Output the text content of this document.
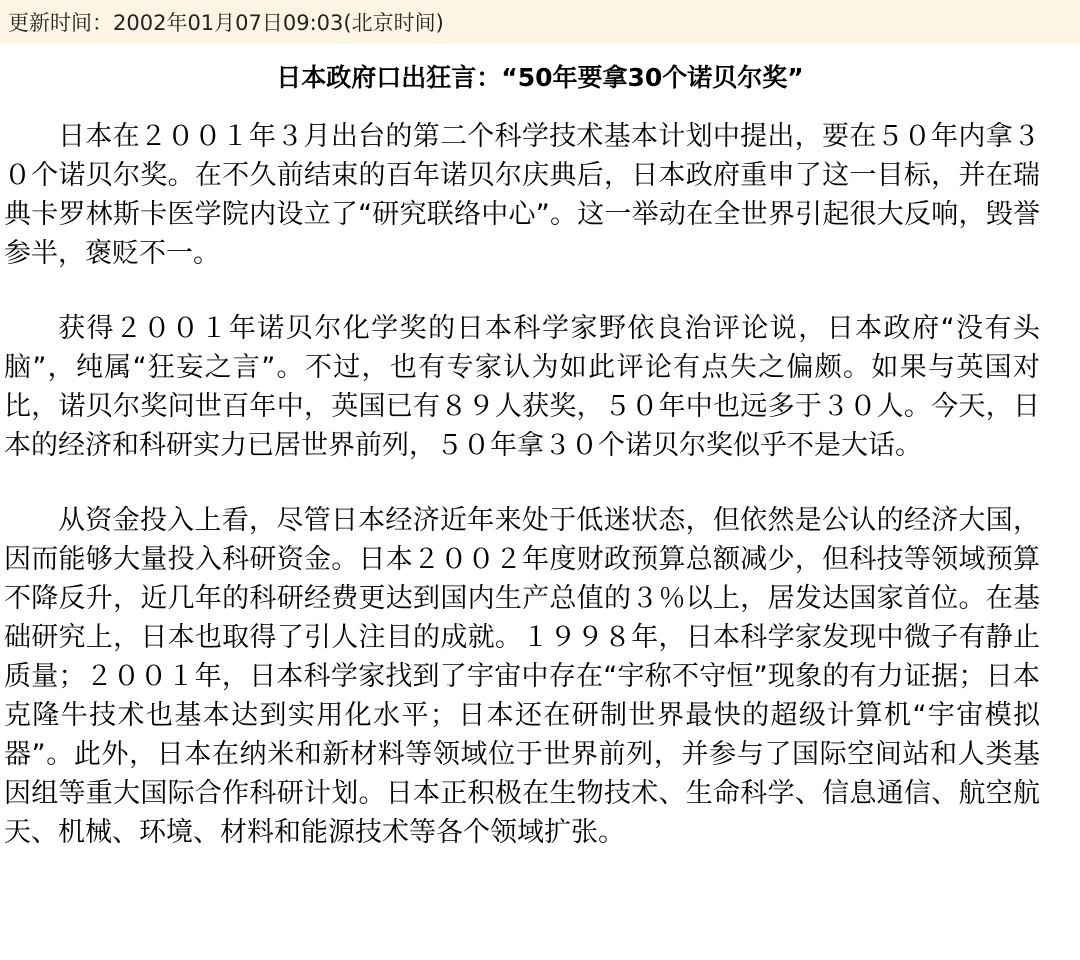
更新时间： 2002年01月07日09:03(北京时间)
日本政府口出狂言：“50年要拿30个诺贝尔奖”

日本在２００１年３月出台的第二个科学技术基本计划中提出，要在５０年内拿３０个诺贝尔奖。在不久前结束的百年诺贝尔庆典后，日本政府重申了这一目标，并在瑞典卡罗林斯卡医学院内设立了“研究联络中心”。这一举动在全世界引起很大反响，毁誉参半，褒贬不一。

获得２００１年诺贝尔化学奖的日本科学家野依良治评论说，日本政府“没有头脑”，纯属“狂妄之言”。不过，也有专家认为如此评论有点失之偏颇。如果与英国对比，诺贝尔奖问世百年中，英国已有８９人获奖，５０年中也远多于３０人。今天，日本的经济和科研实力已居世界前列，５０年拿３０个诺贝尔奖似乎不是大话。

从资金投入上看，尽管日本经济近年来处于低迷状态，但依然是公认的经济大国，因而能够大量投入科研资金。日本２００２年度财政预算总额减少，但科技等领域预算不降反升，近几年的科研经费更达到国内生产总值的３％以上，居发达国家首位。在基础研究上，日本也取得了引人注目的成就。１９９８年，日本科学家发现中微子有静止质量；２００１年，日本科学家找到了宇宙中存在“宇称不守恒”现象的有力证据；日本克隆牛技术也基本达到实用化水平；日本还在研制世界最快的超级计算机“宇宙模拟器”。此外，日本在纳米和新材料等领域位于世界前列，并参与了国际空间站和人类基因组等重大国际合作科研计划。日本正积极在生物技术、生命科学、信息通信、航空航天、机械、环境、材料和能源技术等各个领域扩张。
